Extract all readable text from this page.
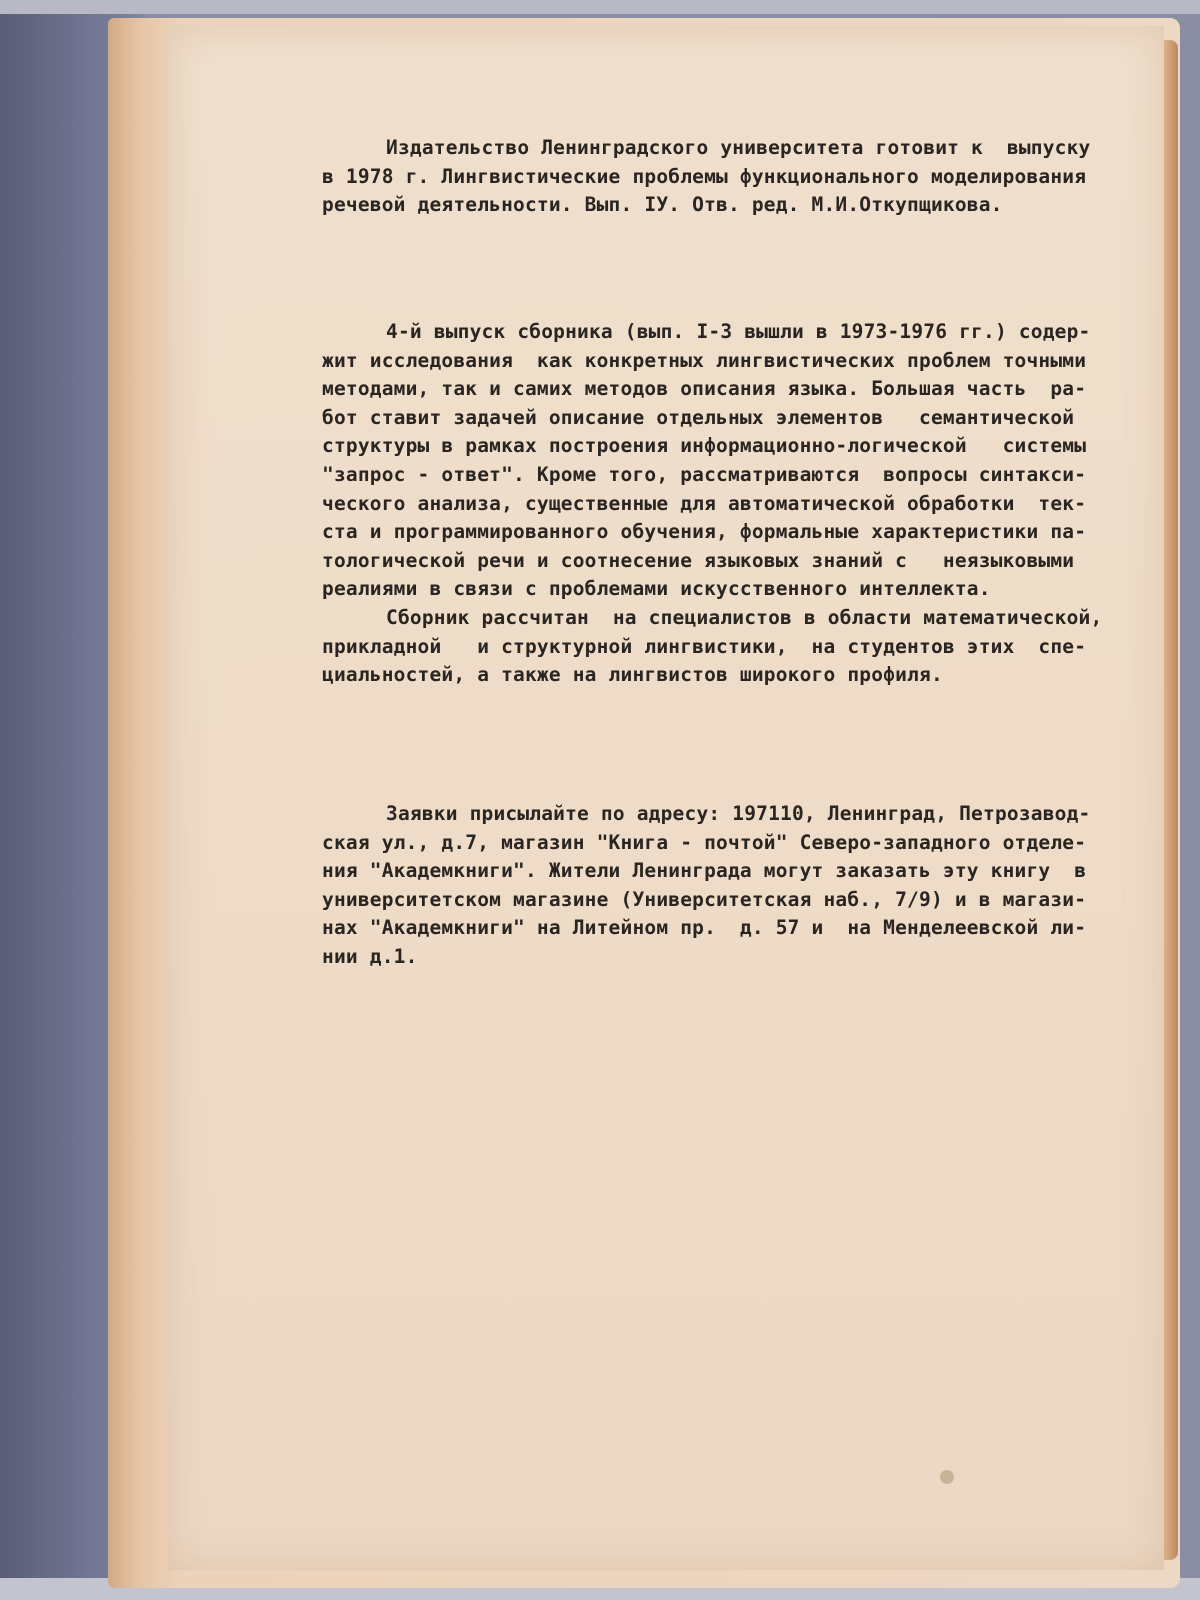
Издательство Ленинградского университета готовит к  выпуску
в 1978 г. Лингвистические проблемы функционального моделирования
речевой деятельности. Вып. IУ. Отв. ред. М.И.Откупщикова.
4-й выпуск сборника (вып. I-3 вышли в 1973-1976 гг.) содер-
жит исследования  как конкретных лингвистических проблем точными
методами, так и самих методов описания языка. Большая часть  ра-
бот ставит задачей описание отдельных элементов   семантической
структуры в рамках построения информационно-логической   системы
"запрос - ответ". Кроме того, рассматриваются  вопросы синтакси-
ческого анализа, существенные для автоматической обработки  тек-
ста и программированного обучения, формальные характеристики па-
тологической речи и соотнесение языковых знаний с   неязыковыми
реалиями в связи с проблемами искусственного интеллекта.
Сборник рассчитан  на специалистов в области математической,
прикладной   и структурной лингвистики,  на студентов этих  спе-
циальностей, а также на лингвистов широкого профиля.
Заявки присылайте по адресу: 197110, Ленинград, Петрозавод-
ская ул., д.7, магазин "Книга - почтой" Северо-западного отделе-
ния "Академкниги". Жители Ленинграда могут заказать эту книгу  в
университетском магазине (Университетская наб., 7/9) и в магази-
нах "Академкниги" на Литейном пр.  д. 57 и  на Менделеевской ли-
нии д.1.
